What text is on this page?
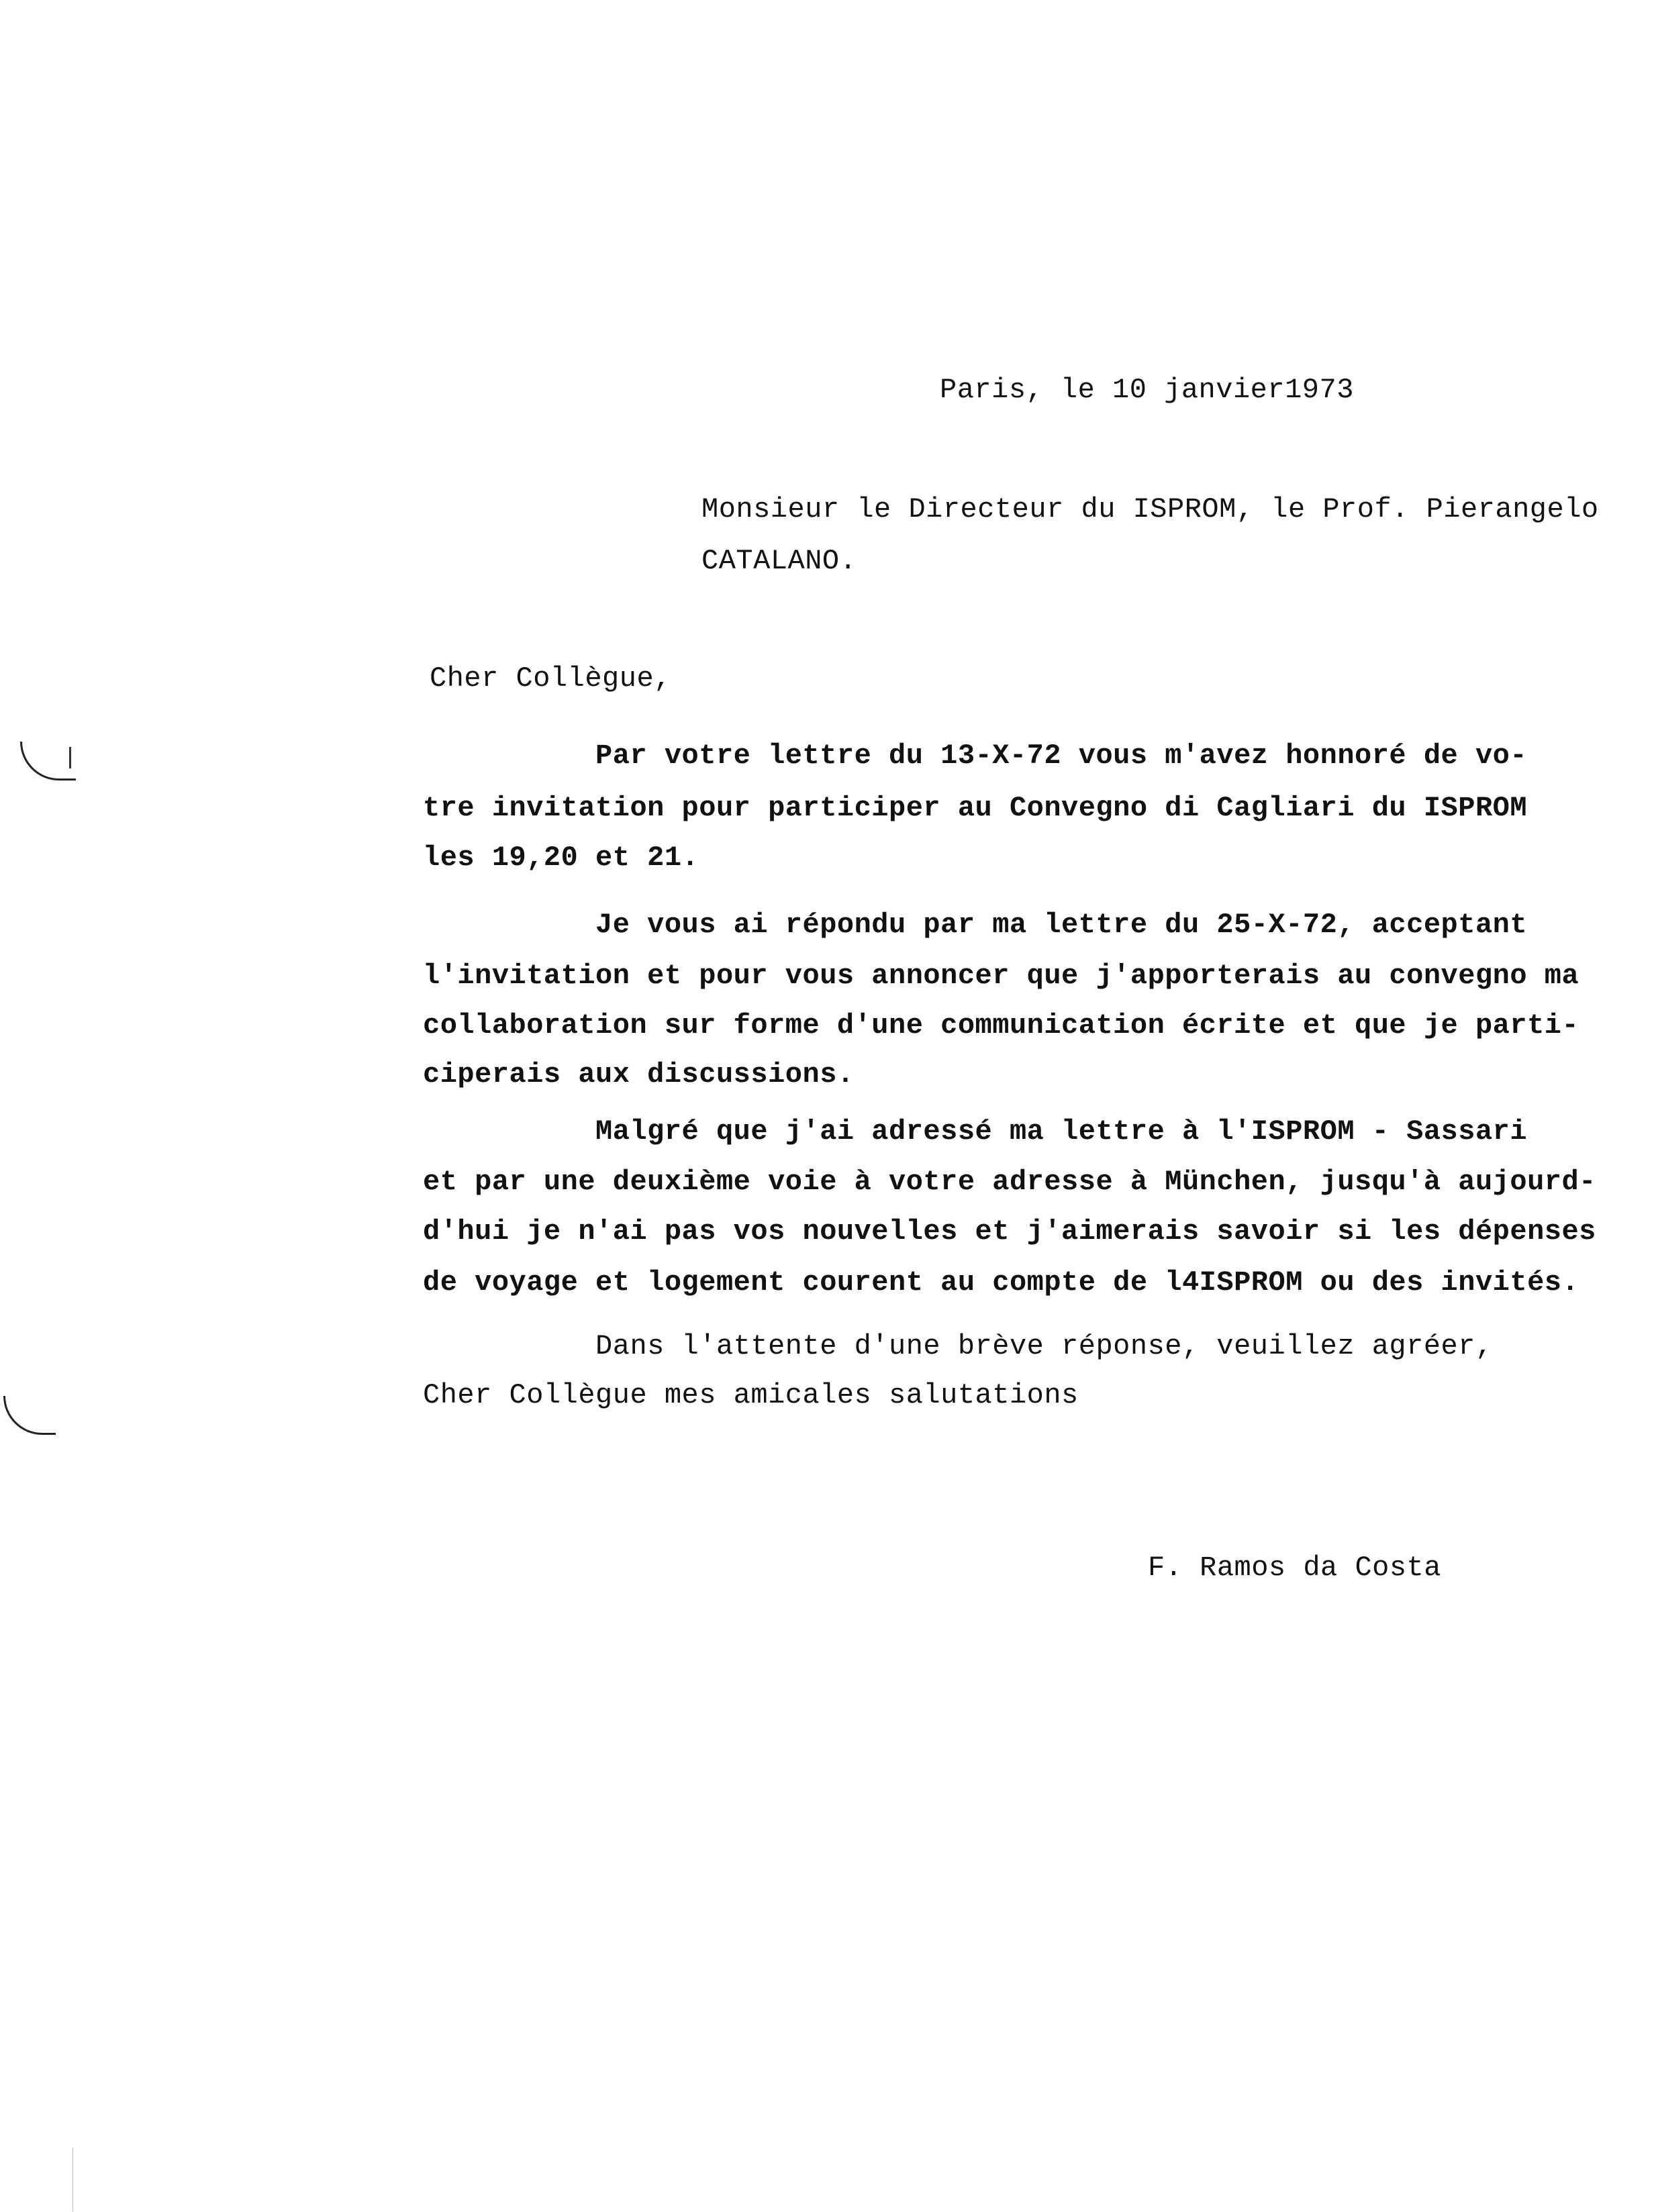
Paris, le 10 janvier1973
Monsieur le Directeur du ISPROM, le Prof. Pierangelo
CATALANO.
Cher Collègue,
Par votre lettre du 13-X-72 vous m'avez honnoré de vo-
tre invitation pour participer au Convegno di Cagliari du ISPROM
les 19,20 et 21.
Je vous ai répondu par ma lettre du 25-X-72, acceptant
l'invitation et pour vous annoncer que j'apporterais au convegno ma
collaboration sur forme d'une communication écrite et que je parti-
ciperais aux discussions.
Malgré que j'ai adressé ma lettre à l'ISPROM - Sassari
et par une deuxième voie à votre adresse à München, jusqu'à aujourd-
d'hui je n'ai pas vos nouvelles et j'aimerais savoir si les dépenses
de voyage et logement courent au compte de l4ISPROM ou des invités.
Dans l'attente d'une brève réponse, veuillez agréer,
Cher Collègue mes amicales salutations
F. Ramos da Costa
